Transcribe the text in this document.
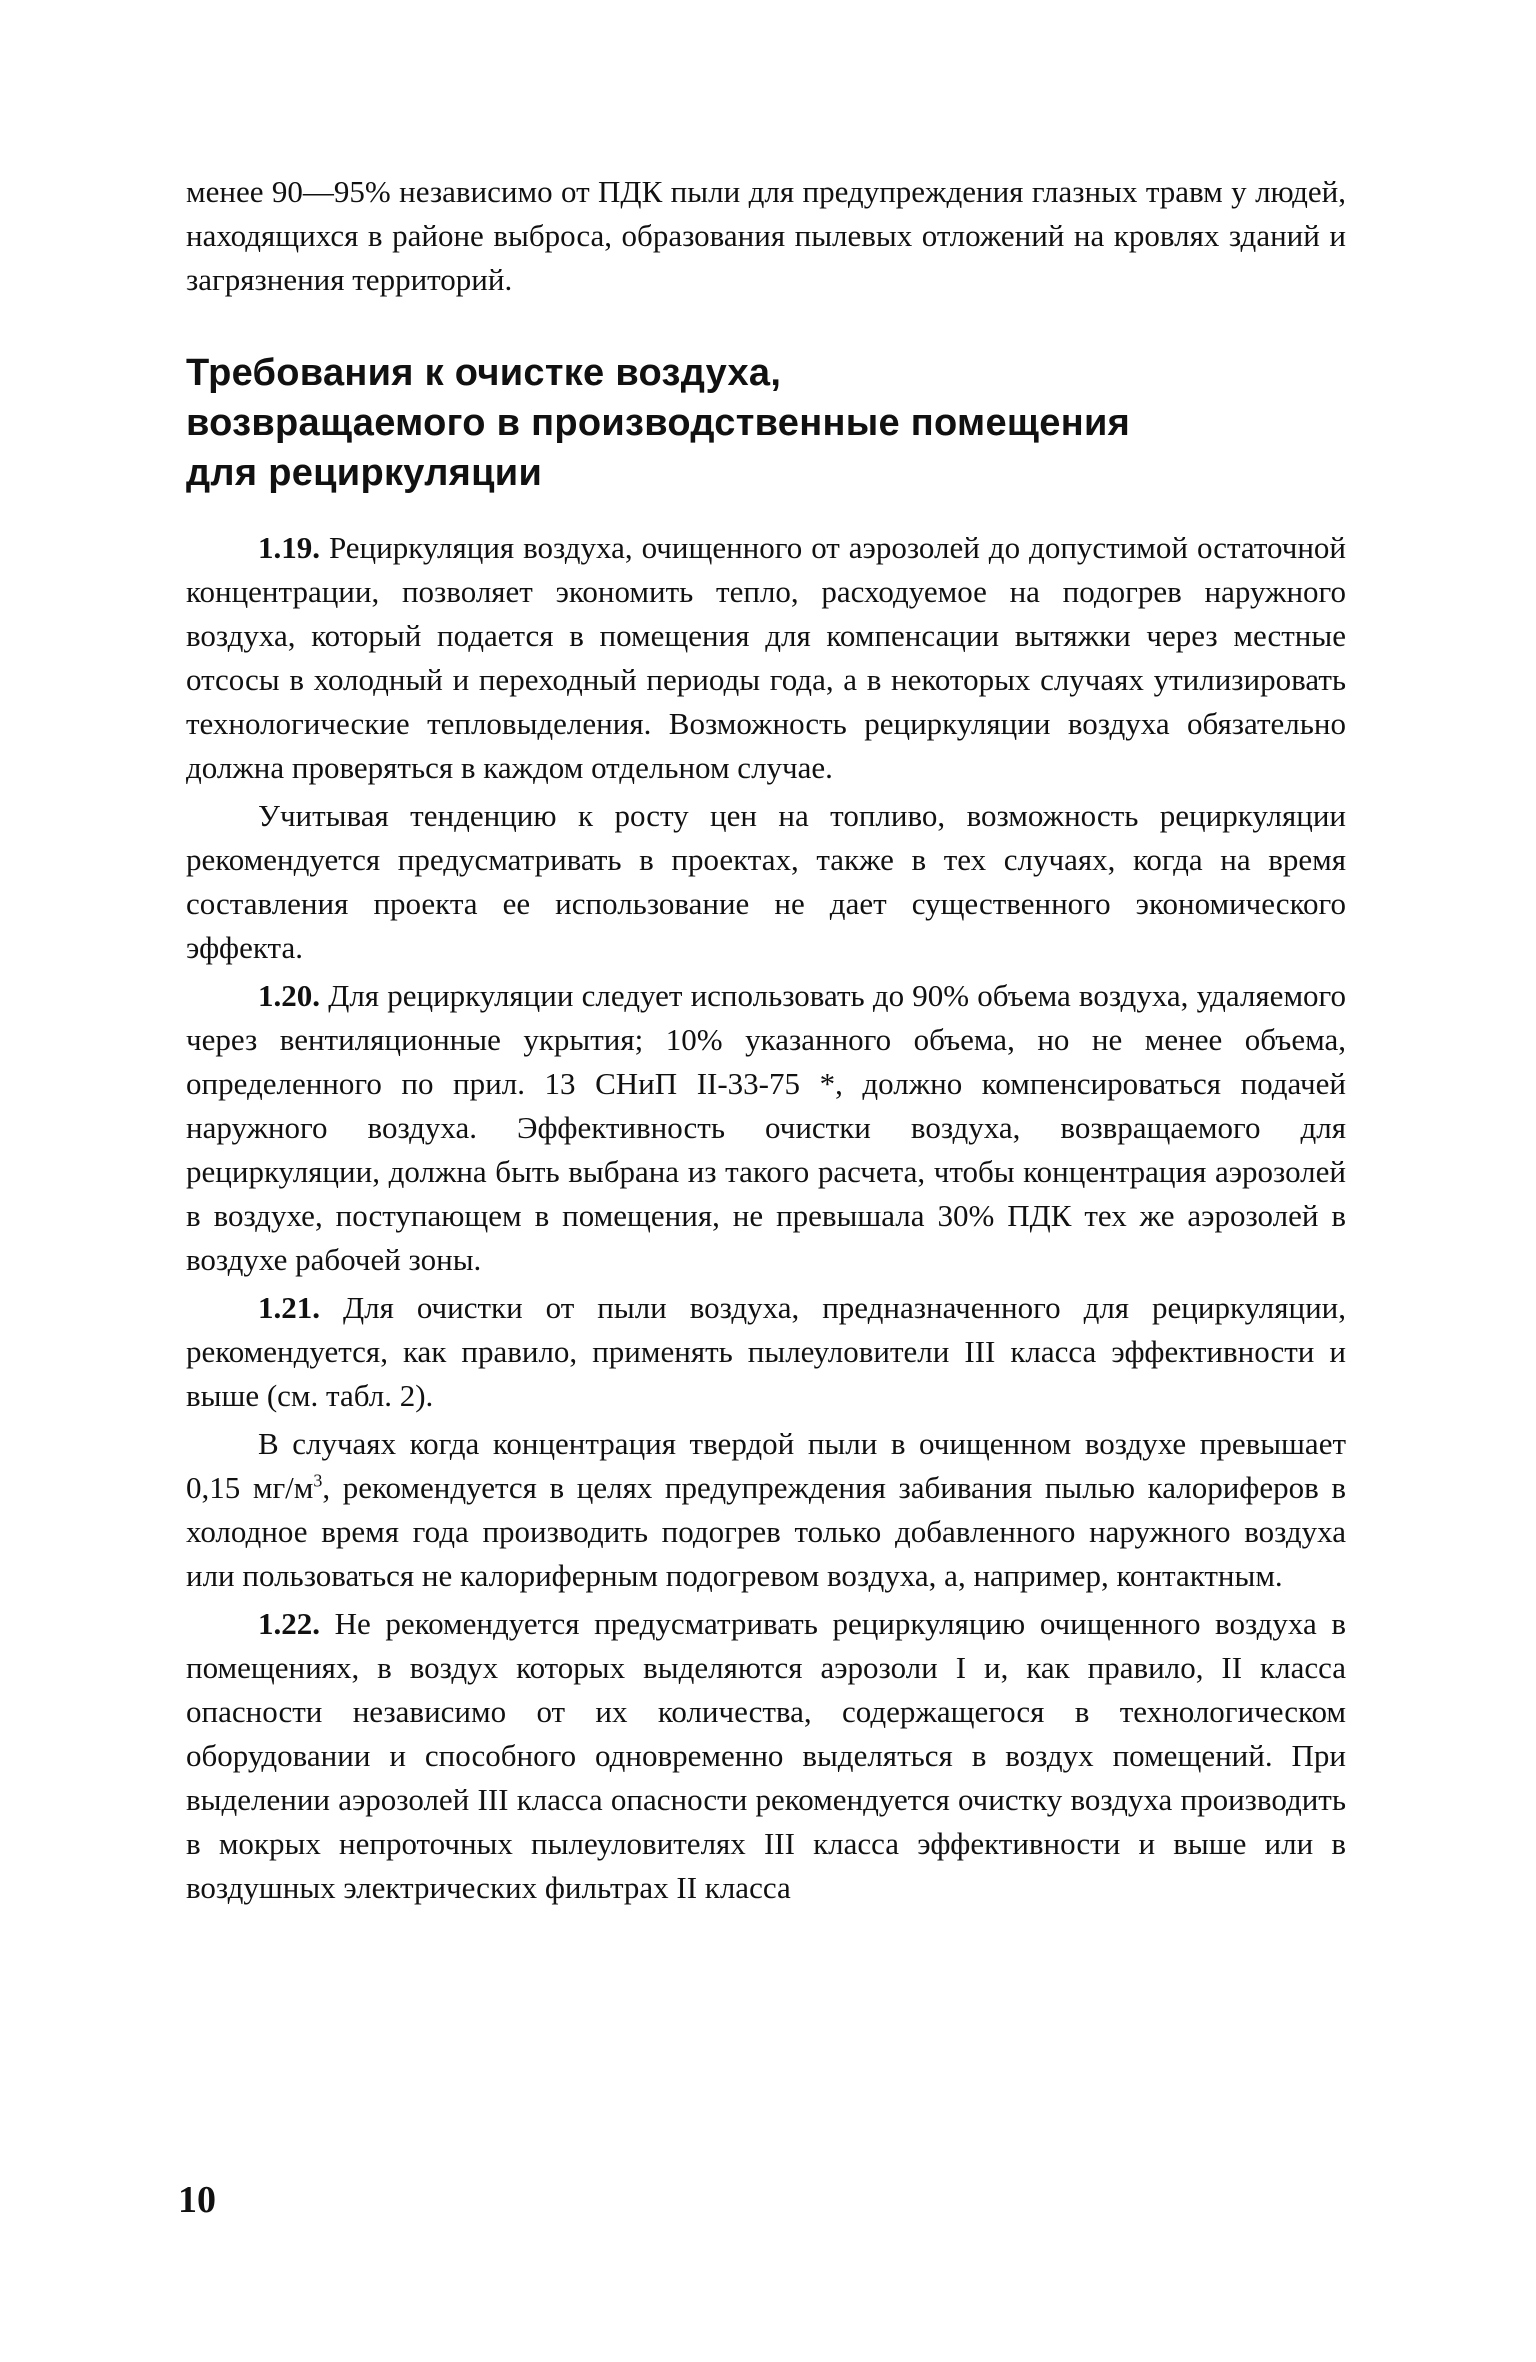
менее 90—95% независимо от ПДК пыли для предупреждения глазных травм у людей, находящихся в районе выброса, образования пылевых отложений на кровлях зданий и загрязнения территорий.

Требования к очистке воздуха,

возвращаемого в производственные помещения

для рециркуляции

1.19. Рециркуляция воздуха, очищенного от аэрозолей до допустимой остаточной концентрации, позволяет экономить тепло, расходуемое на подогрев наружного воздуха, который подается в помещения для компенсации вытяжки через местные отсосы в холодный и переходный периоды года, а в некоторых случаях утилизировать технологические тепловыделения. Возможность рециркуляции воздуха обязательно должна проверяться в каждом отдельном случае.

Учитывая тенденцию к росту цен на топливо, возможность рециркуляции рекомендуется предусматривать в проектах, также в тех случаях, когда на время составления проекта ее использование не дает существенного экономического эффекта.

1.20. Для рециркуляции следует использовать до 90% объема воздуха, удаляемого через вентиляционные укрытия; 10% указанного объема, но не менее объема, определенного по прил. 13 СНиП II-33-75 *, должно компенсироваться подачей наружного воздуха. Эффективность очистки воздуха, возвращаемого для рециркуляции, должна быть выбрана из такого расчета, чтобы концентрация аэрозолей в воздухе, поступающем в помещения, не превышала 30% ПДК тех же аэрозолей в воздухе рабочей зоны.

1.21. Для очистки от пыли воздуха, предназначенного для рециркуляции, рекомендуется, как правило, применять пылеуловители III класса эффективности и выше (см. табл. 2).

В случаях когда концентрация твердой пыли в очищенном воздухе превышает 0,15 $мг/м^3$, рекомендуется в целях предупреждения забивания пылью калориферов в холодное время года производить подогрев только добавленного наружного воздуха или пользоваться не калориферным подогревом воздуха, а, например, контактным.

1.22. Не рекомендуется предусматривать рециркуляцию очищенного воздуха в помещениях, в воздух которых выделяются аэрозоли I и, как правило, II класса опасности независимо от их количества, содержащегося в технологическом оборудовании и способного одновременно выделяться в воздух помещений. При выделении аэрозолей III класса опасности рекомендуется очистку воздуха производить в мокрых непроточных пылеуловителях III класса эффективности и выше или в воздушных электрических фильтрах II класса

10
